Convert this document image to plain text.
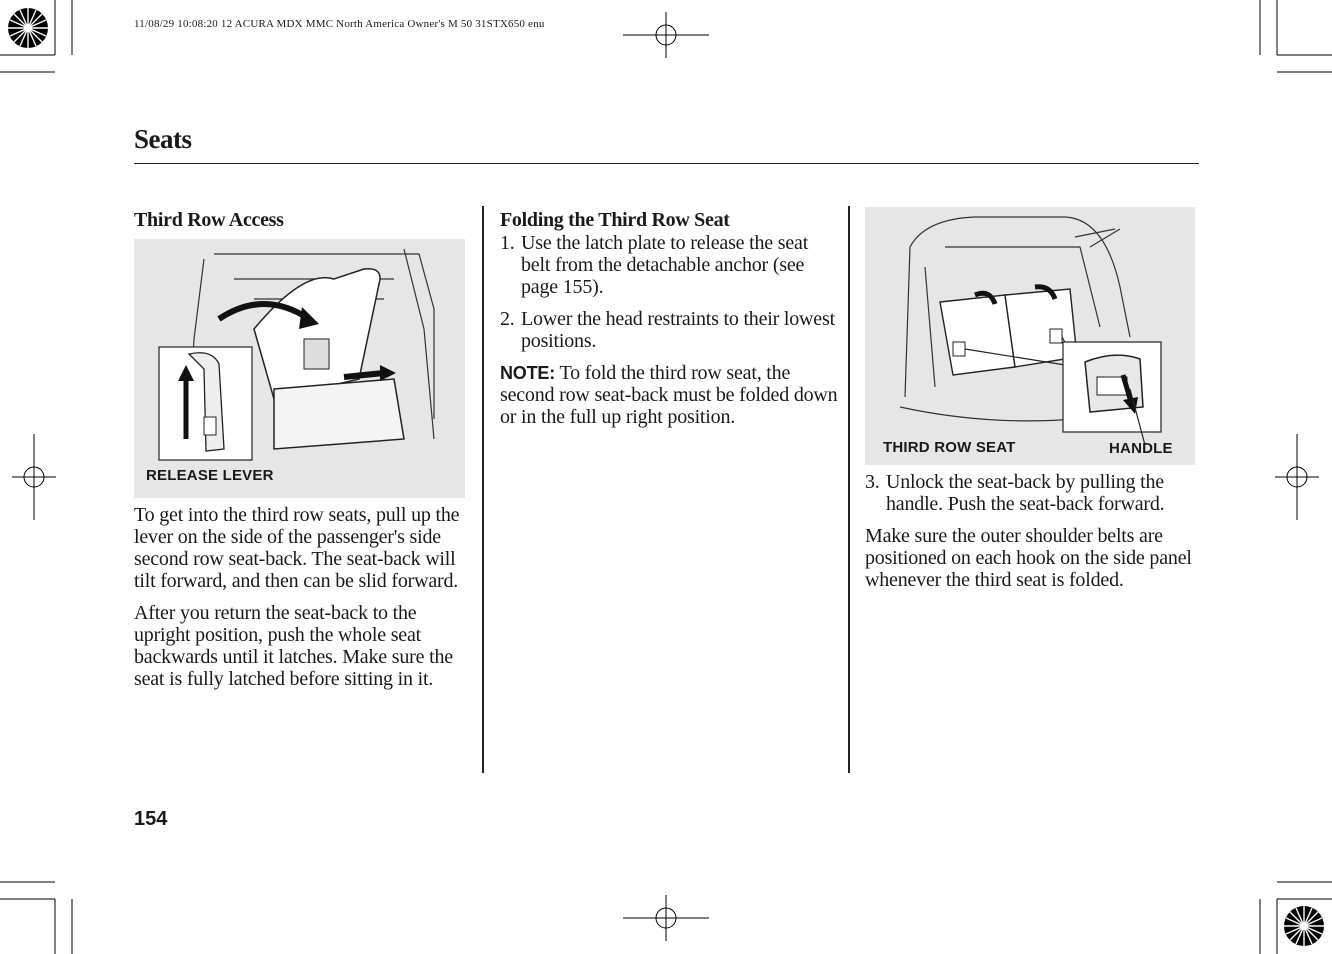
11/08/29 10:08:20 12 ACURA MDX MMC North America Owner's M 50 31STX650 enu
Seats
Third Row Access
RELEASE LEVER

To get into the third row seats, pull up the lever on the side of the passenger's side second row seat-back. The seat-back will tilt forward, and then can be slid forward.

After you return the seat-back to the upright position, push the whole seat backwards until it latches. Make sure the seat is fully latched before sitting in it.

Folding the Third Row Seat
1. Use the latch plate to release the seat belt from the detachable anchor (see page 155).
2. Lower the head restraints to their lowest positions.

NOTE: To fold the third row seat, the second row seat-back must be folded down or in the full up right position.

THIRD ROW SEAT	HANDLE
3. Unlock the seat-back by pulling the handle. Push the seat-back forward.

Make sure the outer shoulder belts are positioned on each hook on the side panel whenever the third seat is folded.

154
